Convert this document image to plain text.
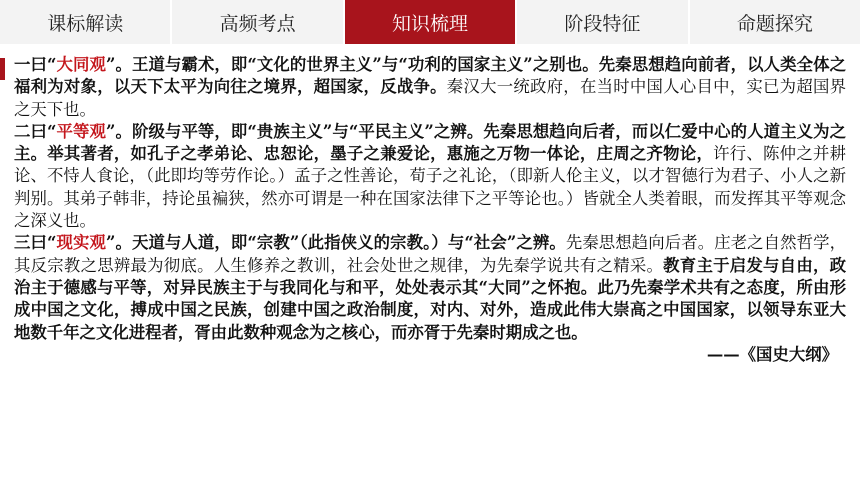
课标解读	高频考点	知识梳理	阶段特征	命题探究

一曰“大同观”。王道与霸术，即“文化的世界主义”与“功利的国家主义”之别也。先秦思想趋向前者，以人类全体之福利为对象，以天下太平为向往之境界，超国家，反战争。秦汉大一统政府，在当时中国人心目中，实已为超国界之天下也。

二曰“平等观”。阶级与平等，即“贵族主义”与“平民主义”之辨。先秦思想趋向后者，而以仁爱中心的人道主义为之主。举其著者，如孔子之孝弟论、忠恕论，墨子之兼爱论，惠施之万物一体论，庄周之齐物论，许行、陈仲之并耕论、不恃人食论，（此即均等劳作论。）孟子之性善论，荀子之礼论，（即新人伦主义，以才智德行为君子、小人之新判别。其弟子韩非，持论虽褊狭，然亦可谓是一种在国家法律下之平等论也。）皆就全人类着眼，而发挥其平等观念之深义也。

三曰“现实观”。天道与人道，即“宗教”（此指侠义的宗教。）与“社会”之辨。先秦思想趋向后者。庄老之自然哲学，其反宗教之思辨最为彻底。人生修养之教训，社会处世之规律，为先秦学说共有之精采。教育主于启发与自由，政治主于德感与平等，对异民族主于与我同化与和平，处处表示其“大同”之怀抱。此乃先秦学术共有之态度，所由形成中国之文化，搏成中国之民族，创建中国之政治制度，对内、对外，造成此伟大崇高之中国国家，以领导东亚大地数千年之文化进程者，胥由此数种观念为之核心，而亦胥于先秦时期成之也。

——《国史大纲》
